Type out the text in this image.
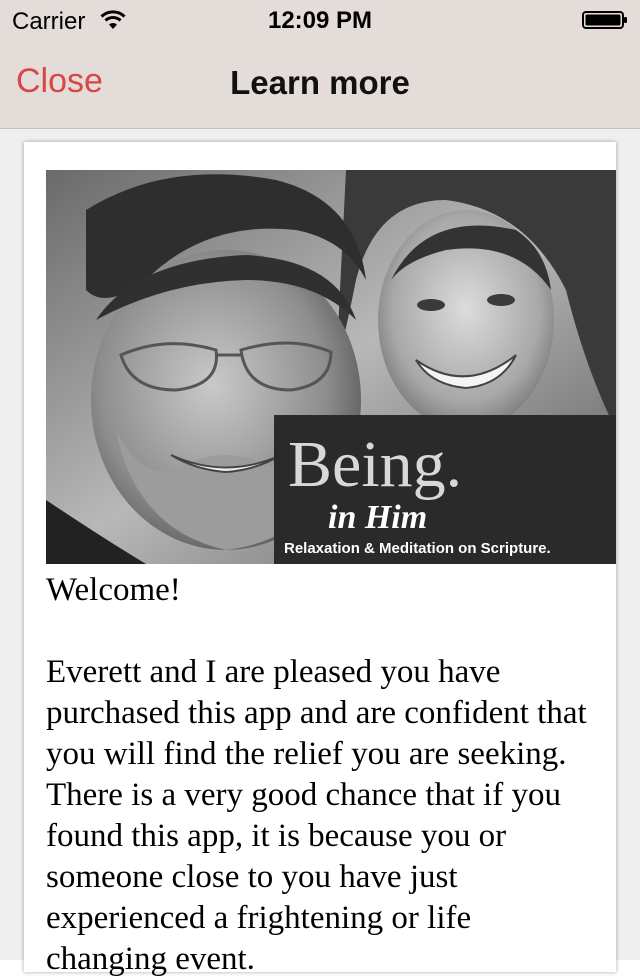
Carrier	12:09 PM
Close	Learn more
Being.
in Him
Relaxation & Meditation on Scripture.

Welcome!

Everett and I are pleased you have purchased this app and are confident that you will find the relief you are seeking. There is a very good chance that if you found this app, it is because you or someone close to you have just experienced a frightening or life changing event.
